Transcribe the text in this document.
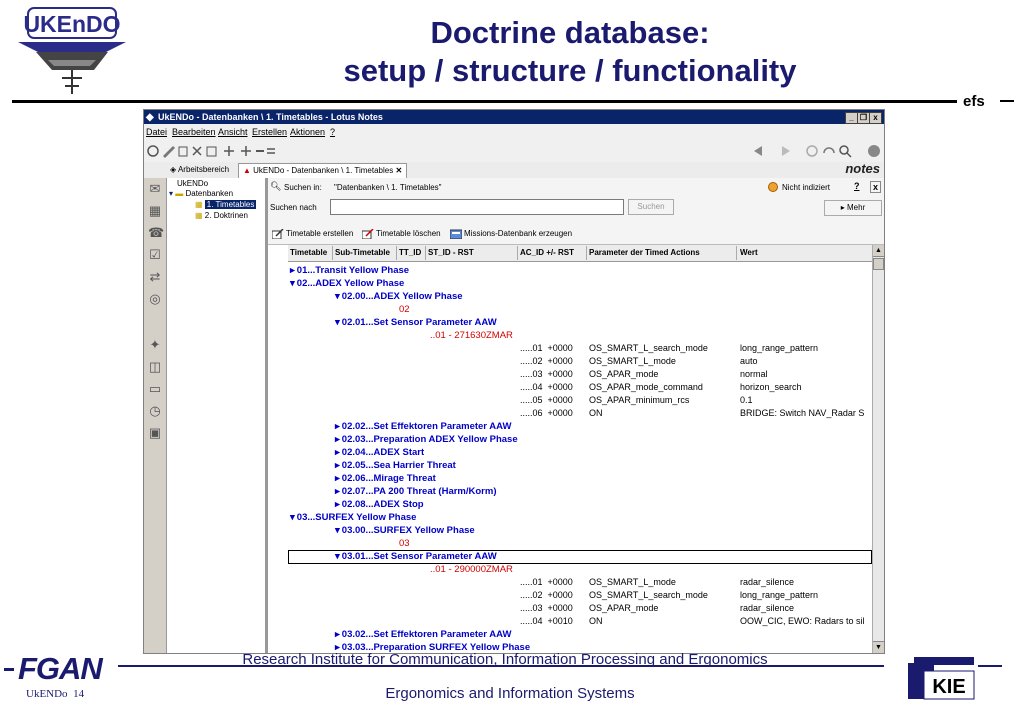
UKEnDO	Doctrine database:
setup / structure / functionality
efs
◆ UkENDo - Datenbanken \ 1. Timetables - Lotus Notes	_ ❐ x
Datei Bearbeiten Ansicht Erstellen Aktionen ?
◈ Arbeitsbereich	▲ UkENDo - Datenbanken \ 1. Timetables ✕	notes
✉
▦
☎
☑
⇄
◎
✦
◫
▭
◷
▣
UkENDo
▾ ▬ Datenbanken
▦ 1. Timetables
▦ 2. Doktrinen
🔍︎ Suchen in: "Datenbanken \ 1. Timetables"	Nicht indiziert	?	x
Suchen nach	Suchen	▸ Mehr
Timetable erstellen	Timetable löschen	Missions-Datenbank erzeugen
Timetable Sub-Timetable TT_ID ST_ID - RST	AC_ID +/- RST Parameter der Timed Actions	Wert
▸ 01...Transit Yellow Phase
▾ 02...ADEX Yellow Phase
▾ 02.00...ADEX Yellow Phase
02
▾ 02.01...Set Sensor Parameter AAW
..01 - 271630ZMAR
.....01  +0000 OS_SMART_L_search_mode	long_range_pattern
.....02  +0000 OS_SMART_L_mode	auto
.....03  +0000 OS_APAR_mode	normal
.....04  +0000 OS_APAR_mode_command	horizon_search
.....05  +0000 OS_APAR_minimum_rcs	0.1
.....06  +0000 ON	BRIDGE: Switch NAV_Radar S
▸ 02.02...Set Effektoren Parameter AAW
▸ 02.03...Preparation ADEX Yellow Phase
▸ 02.04...ADEX Start
▸ 02.05...Sea Harrier Threat
▸ 02.06...Mirage Threat
▸ 02.07...PA 200 Threat (Harm/Korm)
▸ 02.08...ADEX Stop
▾ 03...SURFEX Yellow Phase
▾ 03.00...SURFEX Yellow Phase
03
▾ 03.01...Set Sensor Parameter AAW
..01 - 290000ZMAR
.....01  +0000 OS_SMART_L_mode	radar_silence
.....02  +0000 OS_SMART_L_search_mode	long_range_pattern
.....03  +0000 OS_APAR_mode	radar_silence
.....04  +0010 ON	OOW_CIC, EWO: Radars to sil
▸ 03.02...Set Effektoren Parameter AAW
▸ 03.03...Preparation SURFEX Yellow Phase
▲
▼
FGAN	Research Institute for Communication, Information Processing and Ergonomics
Ergonomics and Information Systems
UkENDo 14	KIE
